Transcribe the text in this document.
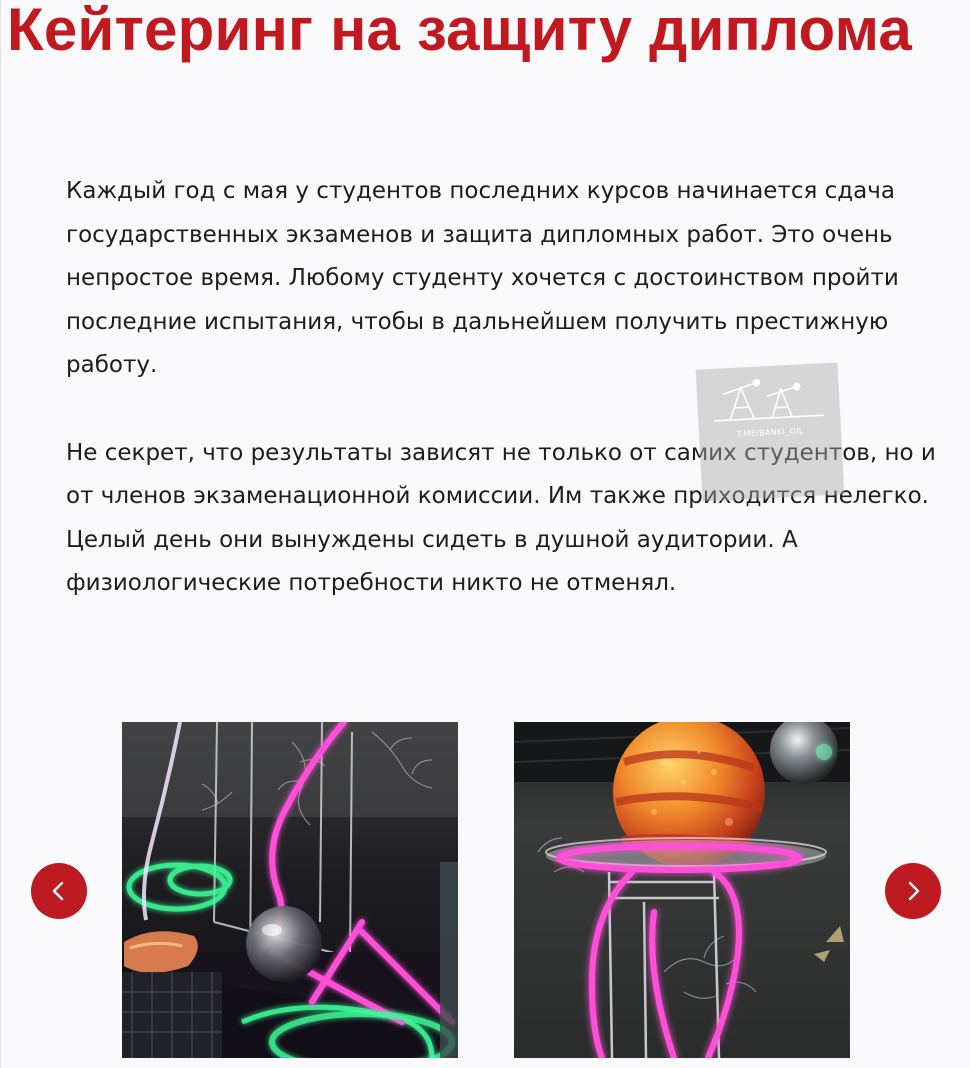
Кейтеринг на защиту диплома

Каждый год с мая у студентов последних курсов начинается сдача государственных экзаменов и защита дипломных работ. Это очень непростое время. Любому студенту хочется с достоинством пройти последние испытания, чтобы в дальнейшем получить престижную работу.

Не секрет, что результаты зависят не только от самих студентов, но и от членов экзаменационной комиссии. Им также приходится нелегко. Целый день они вынуждены сидеть в душной аудитории. А физиологические потребности никто не отменял.

T.ME/BANKI_OIL
